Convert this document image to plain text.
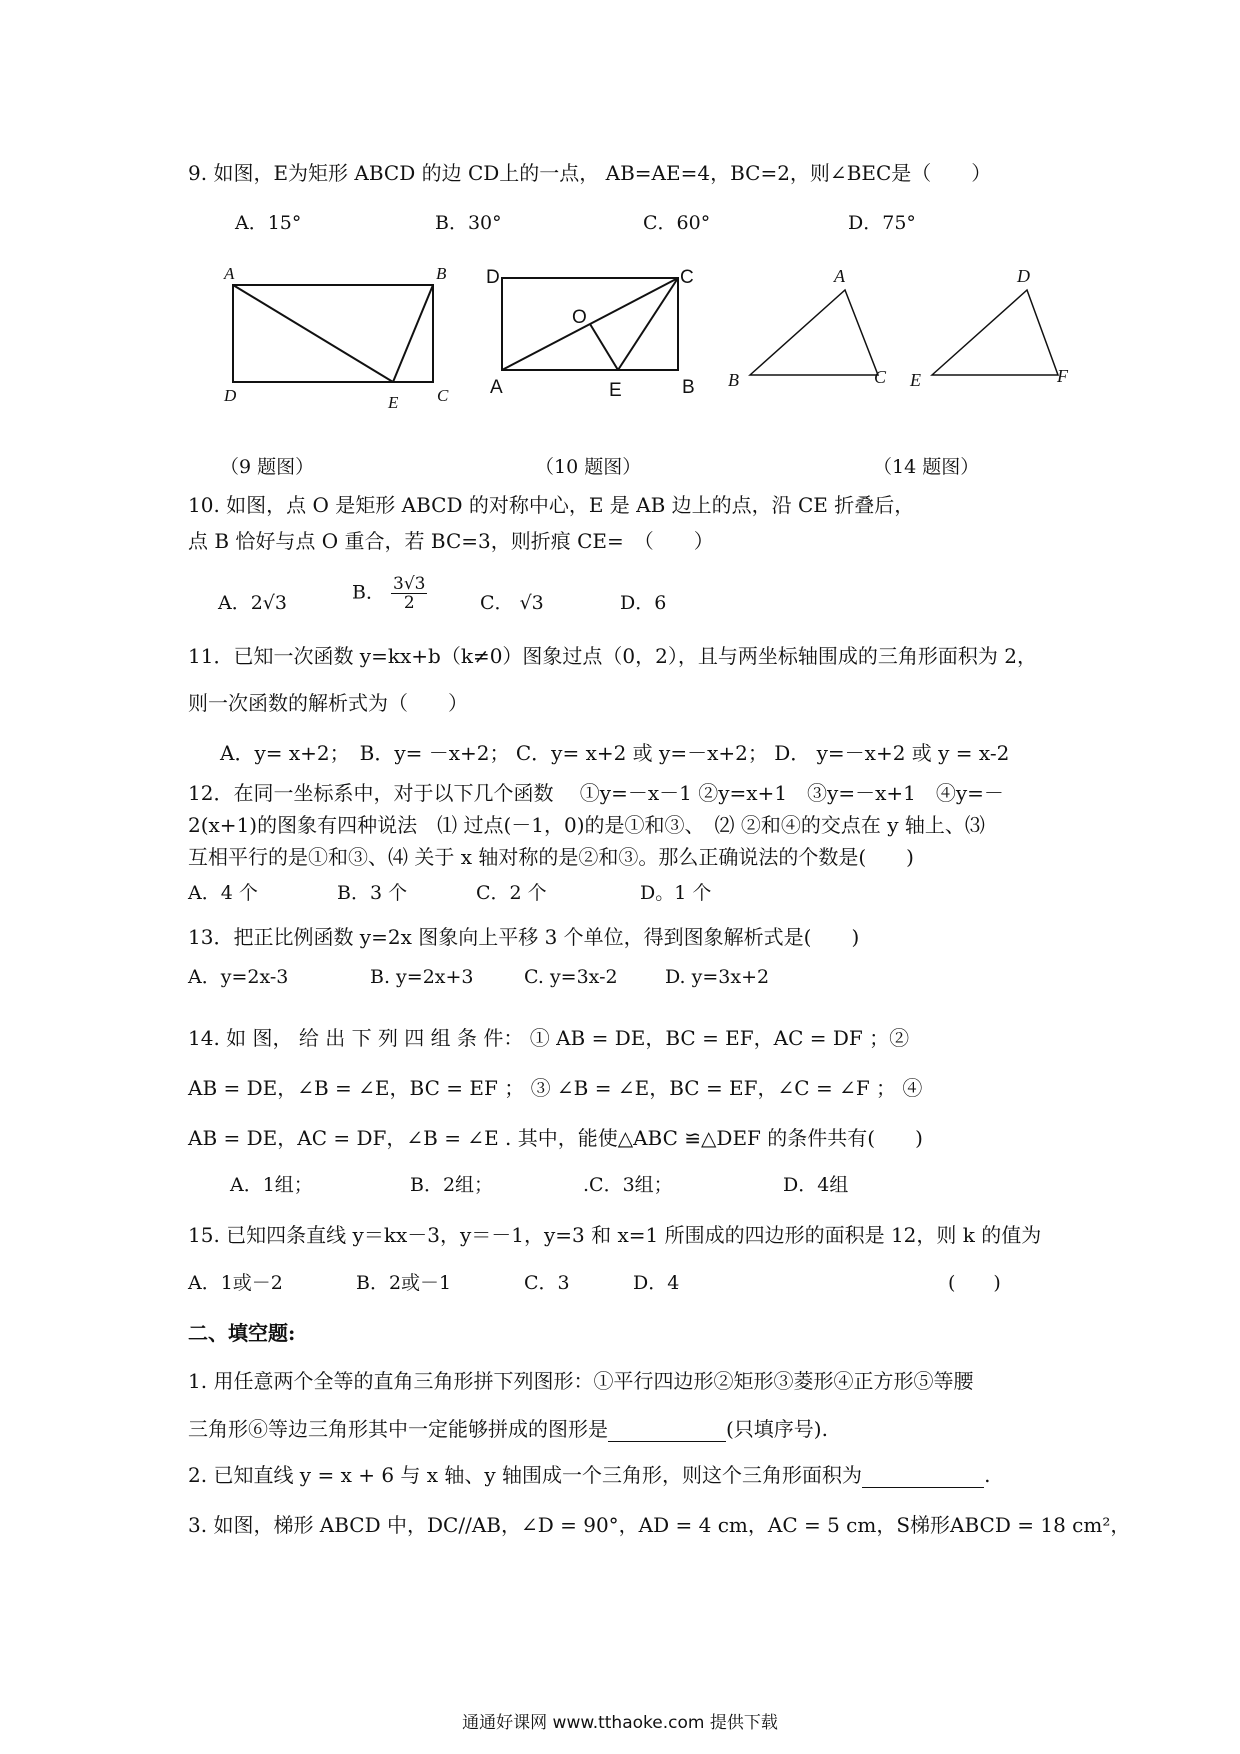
9. 如图，E为矩形 ABCD 的边 CD上的一点， AB=AE=4，BC=2，则∠BEC是（　　）
A．15°	B．30°	C．60°	D．75°
A	B
D	E C
D	C
O
A	E	B
A
B	C
D
E	F
（9 题图）	（10 题图）	（14 题图）
10. 如图，点 O 是矩形 ABCD 的对称中心，E 是 AB 边上的点，沿 CE 折叠后，
点 B 恰好与点 O 重合，若 BC=3，则折痕 CE=　（　　）
A．2√3	B． $\frac{3√3}{2}$	C． √3	D．6
11．已知一次函数 y=kx+b（k≠0）图象过点（0，2），且与两坐标轴围成的三角形面积为 2，
则一次函数的解析式为（　　）
A．y= x+2；　B．y= －x+2； C．y= x+2 或 y=－x+2； D． y=－x+2 或 y = x-2
12．在同一坐标系中，对于以下几个函数　 ①y=－x－1 ②y=x+1　③y=－x+1　④y=－
2(x+1)的图象有四种说法　⑴ 过点(－1，0)的是①和③、　⑵ ②和④的交点在 y 轴上、⑶
互相平行的是①和③、⑷ 关于 x 轴对称的是②和③。那么正确说法的个数是(　　)
A．4 个	B．3 个	C．2 个	D。1 个
13．把正比例函数 y=2x 图象向上平移 3 个单位，得到图象解析式是(　　)
A．y=2x-3	B. y=2x+3	C. y=3x-2 D. y=3x+2
14. 如 图， 给 出 下 列 四 组 条 件： ① AB = DE，BC = EF，AC = DF ；②
AB = DE，∠B = ∠E，BC = EF ； ③ ∠B = ∠E，BC = EF，∠C = ∠F ； ④
AB = DE，AC = DF，∠B = ∠E . 其中，能使△ABC ≌△DEF 的条件共有(　　)
A．1组；	B．2组；	.C．3组；	D．4组
15. 已知四条直线 y＝kx－3，y＝－1，y=3 和 x=1 所围成的四边形的面积是 12，则 k 的值为
A．1或－2	B．2或－1	C．3	D．4	(　　)
二、填空题:
1. 用任意两个全等的直角三角形拼下列图形：①平行四边形②矩形③菱形④正方形⑤等腰
三角形⑥等边三角形其中一定能够拼成的图形是	(只填序号).
2. 已知直线 y = x + 6 与 x 轴、y 轴围成一个三角形，则这个三角形面积为	.
3. 如图，梯形 ABCD 中，DC//AB，∠D = 90°，AD = 4 cm，AC = 5 cm，S梯形ABCD = 18 cm²，
通通好课网 www.tthaoke.com 提供下载
